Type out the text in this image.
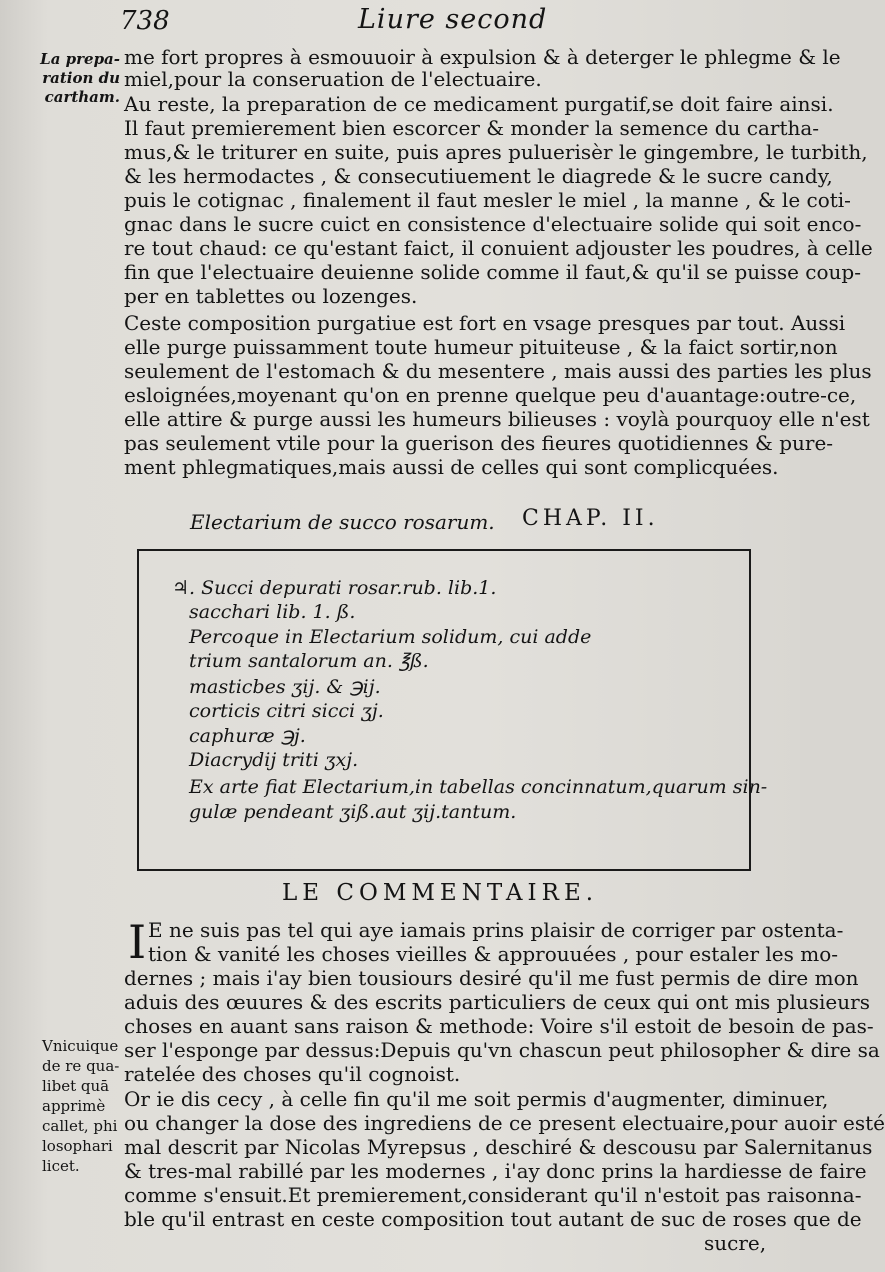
738	Liure second
La prepa-
ration du
cartham.
me fort propres à esmouuoir à expulsion & à deterger le phlegme & le
miel,pour la conseruation de l'electuaire.
Au reste, la preparation de ce medicament purgatif,se doit faire ainsi.
Il faut premierement bien escorcer & monder la semence du cartha-
mus,& le triturer en suite, puis apres puluerisèr le gingembre, le turbith,
& les hermodactes , & consecutiuement le diagrede & le sucre candy,
puis le cotignac , finalement il faut mesler le miel , la manne , & le coti-
gnac dans le sucre cuict en consistence d'electuaire solide qui soit enco-
re tout chaud: ce qu'estant faict, il conuient adjouster les poudres, à celle
fin que l'electuaire deuienne solide comme il faut,& qu'il se puisse coup-
per en tablettes ou lozenges.
Ceste composition purgatiue est fort en vsage presques par tout. Aussi
elle purge puissamment toute humeur pituiteuse , & la faict sortir,non
seulement de l'estomach & du mesentere , mais aussi des parties les plus
esloignées,moyenant qu'on en prenne quelque peu d'auantage:outre-ce,
elle attire & purge aussi les humeurs bilieuses : voylà pourquoy elle n'est
pas seulement vtile pour la guerison des fieures quotidiennes & pure-
ment phlegmatiques,mais aussi de celles qui sont complicquées.
Electarium de succo rosarum. CHAP. II.
♃. Succi depurati rosar.rub. lib.1.
sacchari lib. 1. ß.
Percoque in Electarium solidum, cui adde
trium santalorum an. ℥ß.
masticbes ʒij. & ℈ij.
corticis citri sicci ʒj.
caphuræ ℈j.
Diacrydij triti ʒxj.
Ex arte fiat Electarium,in tabellas concinnatum,quarum sin-
gulæ pendeant ʒiß.aut ʒij.tantum.
LE COMMENTAIRE.
I E ne suis pas tel qui aye iamais prins plaisir de corriger par ostenta-
tion & vanité les choses vieilles & approuuées , pour estaler les mo-
dernes ; mais i'ay bien tousiours desiré qu'il me fust permis de dire mon
aduis des œuures & des escrits particuliers de ceux qui ont mis plusieurs
choses en auant sans raison & methode: Voire s'il estoit de besoin de pas-
ser l'esponge par dessus:Depuis qu'vn chascun peut philosopher & dire sa
ratelée des choses qu'il cognoist.
Or ie dis cecy , à celle fin qu'il me soit permis d'augmenter, diminuer,
ou changer la dose des ingrediens de ce present electuaire,pour auoir esté
mal descrit par Nicolas Myrepsus , deschiré & descousu par Salernitanus
& tres-mal rabillé par les modernes , i'ay donc prins la hardiesse de faire
comme s'ensuit.Et premierement,considerant qu'il n'estoit pas raisonna-
ble qu'il entrast en ceste composition tout autant de suc de roses que de
sucre,
Vnicuique
de re qua-
libet quā
apprimè
callet, phi
losophari
licet.
